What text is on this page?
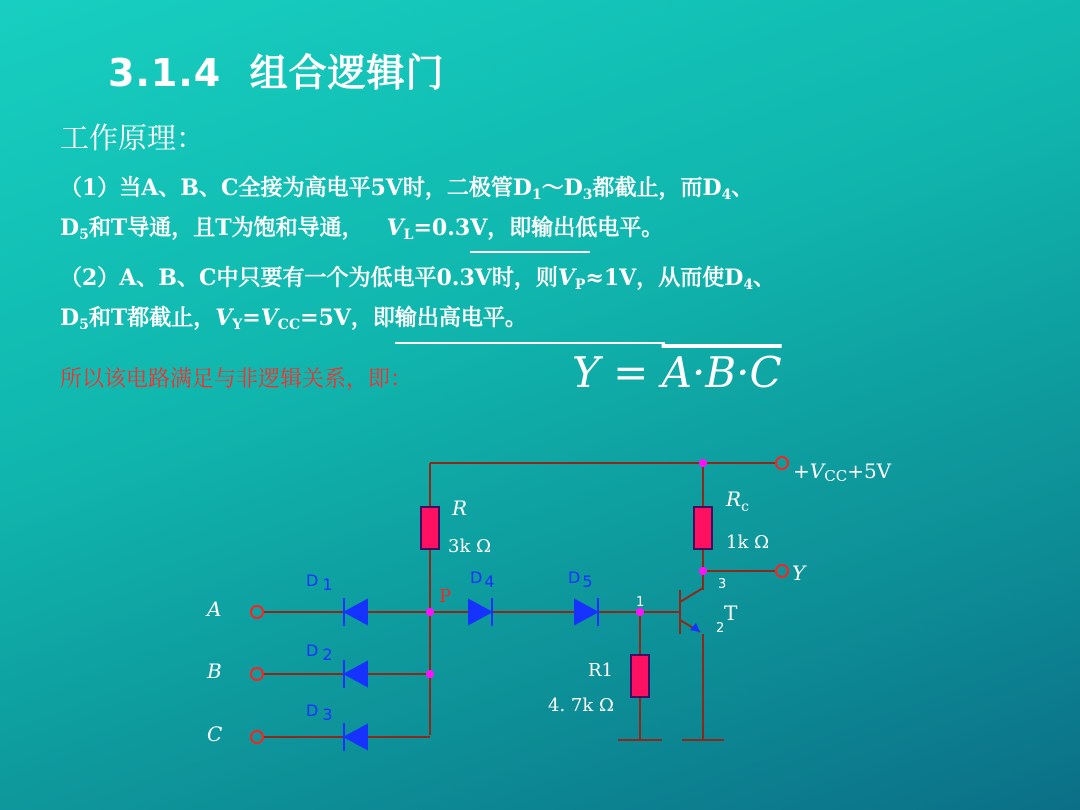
3.1.4 组合逻辑门
工作原理：
（1）当A、B、C全接为高电平5V时，二极管$D_1\sim D_3$都截止，而$D_4$、
$D_5$和T导通，且T为饱和导通， $V_L=0.3V$，即输出低电平。
（2）A、B、C中只要有一个为低电平0.3V时，则$V_P\approx 1V$，从而使$D_4$、
$D_5$和T都截止，$V_Y=V_{CC}=5V$，即输出高电平。
所以该电路满足与非逻辑关系，即：	Y = A·B·C
+VCC+5V
R
3k Ω
$R_c$
1k Ω
Y
D 1
D 2
D 3
D 4	D 5
P
A
B
C
R1
4. 7k Ω
T
1
2
3
